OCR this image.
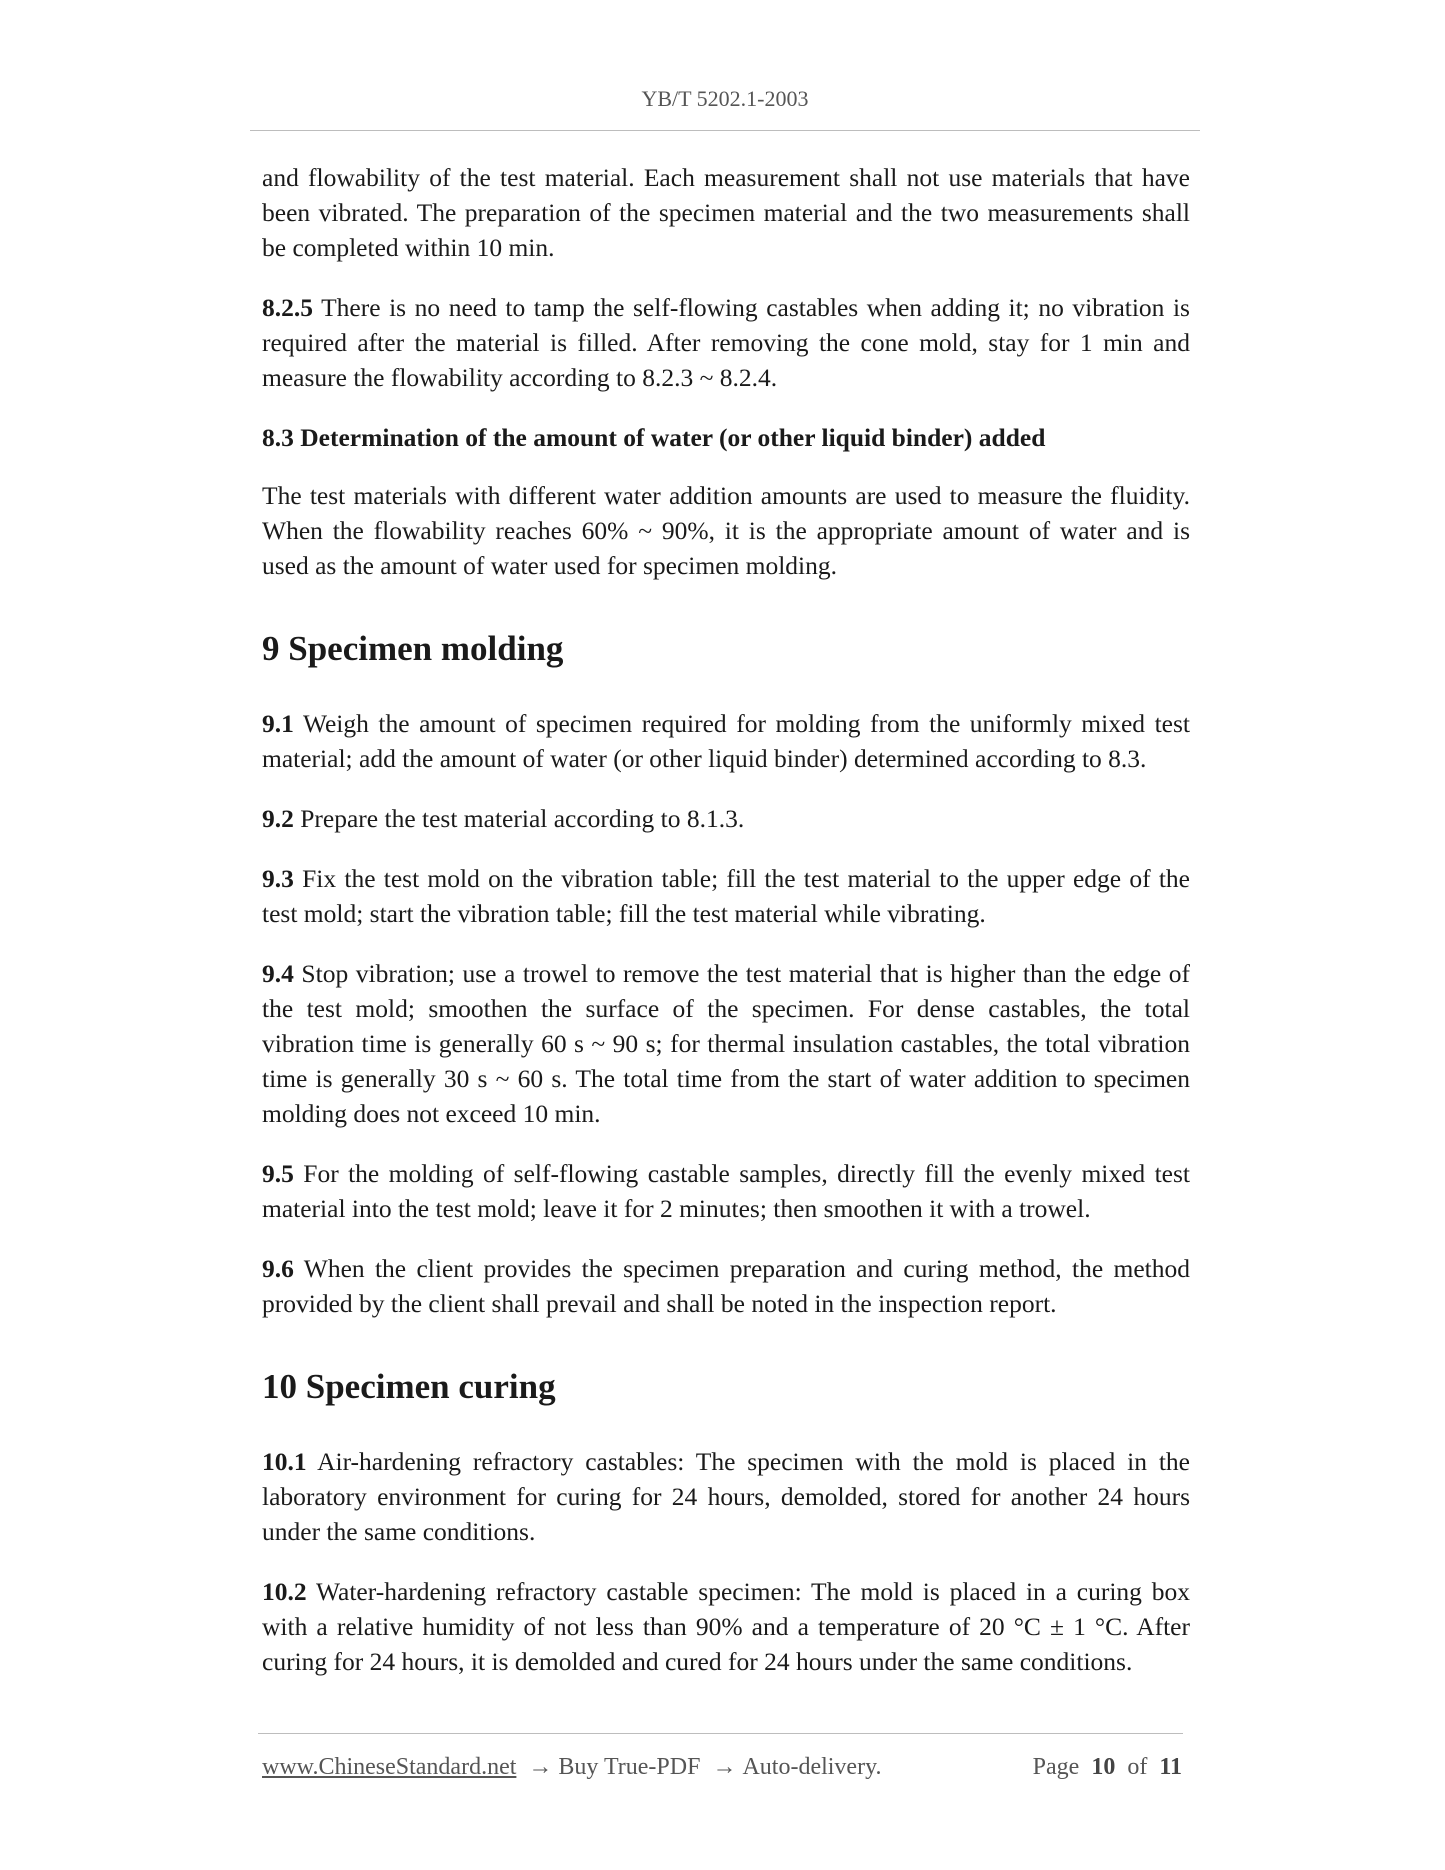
YB/T 5202.1-2003

and flowability of the test material. Each measurement shall not use materials that have been vibrated. The preparation of the specimen material and the two measurements shall be completed within 10 min.

8.2.5 There is no need to tamp the self-flowing castables when adding it; no vibration is required after the material is filled. After removing the cone mold, stay for 1 min and measure the flowability according to 8.2.3 ~ 8.2.4.

8.3 Determination of the amount of water (or other liquid binder) added

The test materials with different water addition amounts are used to measure the fluidity. When the flowability reaches 60% ~ 90%, it is the appropriate amount of water and is used as the amount of water used for specimen molding.

9 Specimen molding

9.1 Weigh the amount of specimen required for molding from the uniformly mixed test material; add the amount of water (or other liquid binder) determined according to 8.3.

9.2 Prepare the test material according to 8.1.3.

9.3 Fix the test mold on the vibration table; fill the test material to the upper edge of the test mold; start the vibration table; fill the test material while vibrating.

9.4 Stop vibration; use a trowel to remove the test material that is higher than the edge of the test mold; smoothen the surface of the specimen. For dense castables, the total vibration time is generally 60 s ~ 90 s; for thermal insulation castables, the total vibration time is generally 30 s ~ 60 s. The total time from the start of water addition to specimen molding does not exceed 10 min.

9.5 For the molding of self-flowing castable samples, directly fill the evenly mixed test material into the test mold; leave it for 2 minutes; then smoothen it with a trowel.

9.6 When the client provides the specimen preparation and curing method, the method provided by the client shall prevail and shall be noted in the inspection report.

10 Specimen curing

10.1 Air-hardening refractory castables: The specimen with the mold is placed in the laboratory environment for curing for 24 hours, demolded, stored for another 24 hours under the same conditions.

10.2 Water-hardening refractory castable specimen: The mold is placed in a curing box with a relative humidity of not less than 90% and a temperature of 20 °C ± 1 °C. After curing for 24 hours, it is demolded and cured for 24 hours under the same conditions.

www.ChineseStandard.net → Buy True-PDF → Auto-delivery.	Page 10 of 11
